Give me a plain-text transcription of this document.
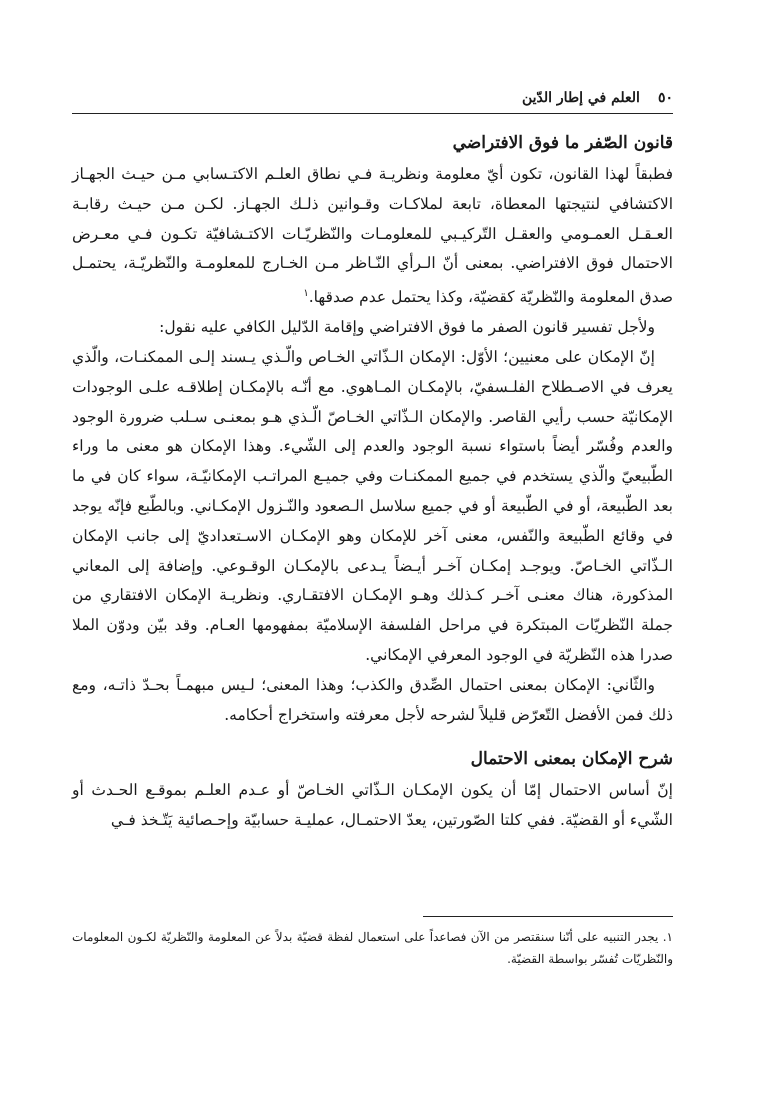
٥٠
العلم في إطار الدّين
قانون الصّفر ما فوق الافتراضي

فطبقاً لهذا القانون، تكون أيّ معلومة ونظريـة فـي نطاق العلـم الاكتـسابي مـن حيـث الجهـاز الاكتشافي لنتيجتها المعطاة، تابعة لملاكـات وقـوانين ذلـك الجهـاز. لكـن مـن حيـث رقابـة العـقـل العمـومي والعقـل التّركيـبي للمعلومـات والنّظريّـات الاكتـشافيّة تكـون فـي معـرض الاحتمال فوق الافتراضي. بمعنى أنّ الـرأي النّـاظر مـن الخـارج للمعلومـة والنّظريّـة، يحتمـل صدق المعلومة والنّظريّة كقضيّة، وكذا يحتمل عدم صدقها.$^١$

ولأجل تفسير قانون الصفر ما فوق الافتراضي وإقامة الدّليل الكافي عليه نقول:

إنّ الإمكان على معنيين؛ الأوّل: الإمكان الـذّاتي الخـاص والّـذي يـسند إلـى الممكنـات، والّذي يعرف في الاصـطلاح الفلـسفيّ، بالإمكـان المـاهوي. مع أنّـه بالإمكـان إطلاقـه علـى الوجودات الإمكانيّة حسب رأيي القاصر. والإمكان الـذّاتي الخـاصّ الّـذي هـو بمعنـى سـلب ضرورة الوجود والعدم وفُسّر أيضاً باستواء نسبة الوجود والعدم إلى الشّيء. وهذا الإمكان هو معنى ما وراء الطّبيعيّ والّذي يستخدم في جميع الممكنـات وفي جميـع المراتـب الإمكانيّـة، سواء كان في ما بعد الطّبيعة، أو في الطّبيعة أو في جميع سلاسل الـصعود والنّـزول الإمكـاني. وبالطّبع فإنّه يوجد في وقائع الطّبيعة والنّفس، معنى آخر للإمكان وهو الإمكـان الاسـتعداديّ إلى جانب الإمكان الـذّاتي الخـاصّ. ويوجـد إمكـان آخـر أيـضاً يـدعى بالإمكـان الوقـوعي. وإضافة إلى المعاني المذكورة، هناك معنـى آخـر كـذلك وهـو الإمكـان الافتقـاري. ونظريـة الإمكان الافتقاري من جملة النّظريّات المبتكرة في مراحل الفلسفة الإسلاميّة بمفهومها العـام. وقد بيّن ودوّن الملا صدرا هذه النّظريّة في الوجود المعرفي الإمكاني.

والثّاني: الإمكان بمعنى احتمال الصِّدق والكذب؛ وهذا المعنى؛ لـيس مبهمـاً بحـدّ ذاتـه، ومع ذلك فمن الأفضل التّعرّض قليلاً لشرحه لأجل معرفته واستخراج أحكامه.

شرح الإمكان بمعنى الاحتمال

إنّ أساس الاحتمال إمّا أن يكون الإمكـان الـذّاتي الخـاصّ أو عـدم العلـم بموقـع الحـدث أو الشّيء أو القضيّة. ففي كلتا الصّورتين، يعدّ الاحتمـال، عمليـة حسابيّة وإحـصائية يَتّـخذ فـي

١. يجدر التنبيه على أنّنا سنقتصر من الآن فصاعداً على استعمال لفظة قضيّة بدلاً عن المعلومة والنّظريّة لكـون المعلومات والنّظريّات تُفسّر بواسطة القضيّة.
